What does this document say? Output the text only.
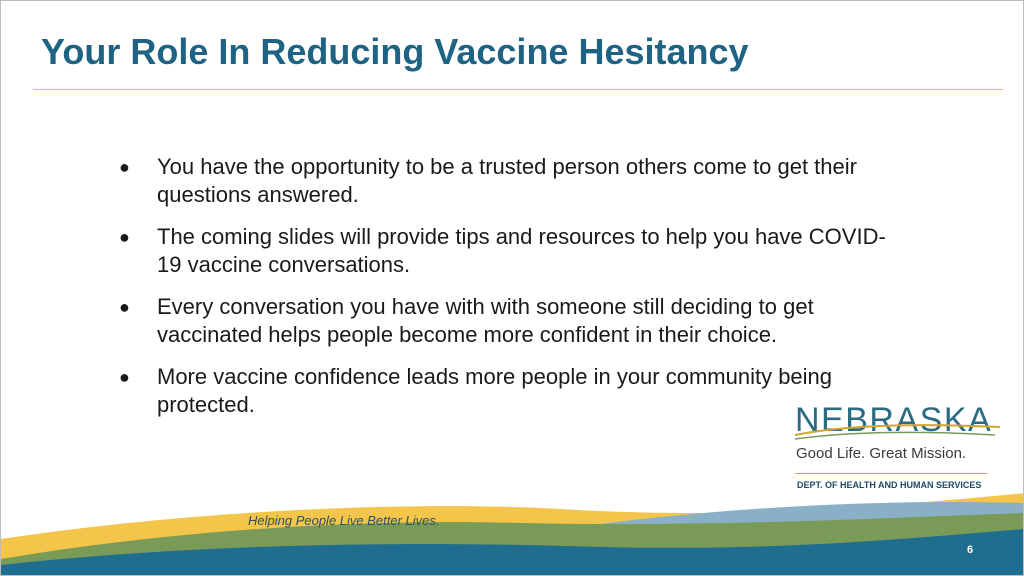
Your Role In Reducing Vaccine Hesitancy
● You have the opportunity to be a trusted person others come to get their questions answered.
● The coming slides will provide tips and resources to help you have COVID-19 vaccine conversations.
● Every conversation you have with with someone still deciding to get vaccinated helps people become more confident in their choice.
● More vaccine confidence leads more people in your community being protected.	NEBRASKA
Good Life. Great Mission.
DEPT. OF HEALTH AND HUMAN SERVICES
Helping People Live Better Lives.
6
